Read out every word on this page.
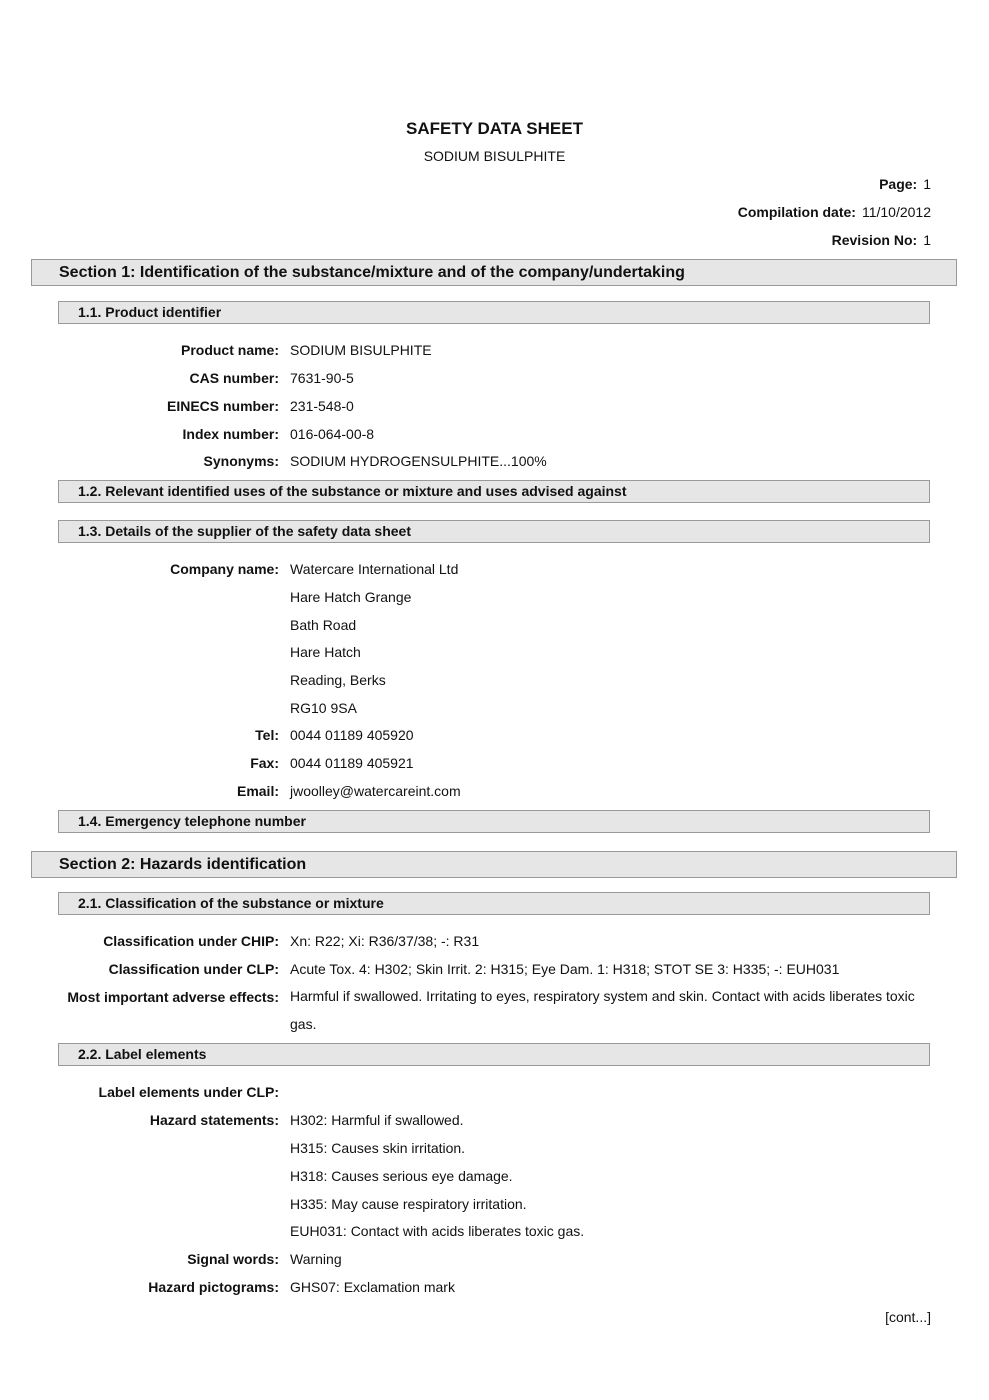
SAFETY DATA SHEET
SODIUM BISULPHITE
Page: 1
Compilation date: 11/10/2012
Revision No: 1
Section 1: Identification of the substance/mixture and of the company/undertaking
1.1. Product identifier
Product name: SODIUM BISULPHITE
CAS number: 7631-90-5
EINECS number: 231-548-0
Index number: 016-064-00-8
Synonyms: SODIUM HYDROGENSULPHITE...100%
1.2. Relevant identified uses of the substance or mixture and uses advised against
1.3. Details of the supplier of the safety data sheet
Company name: Watercare International Ltd
Hare Hatch Grange
Bath Road
Hare Hatch
Reading, Berks
RG10 9SA
Tel: 0044 01189 405920
Fax: 0044 01189 405921
Email: jwoolley@watercareint.com
1.4. Emergency telephone number
Section 2: Hazards identification
2.1. Classification of the substance or mixture
Classification under CHIP: Xn: R22; Xi: R36/37/38; -: R31
Classification under CLP: Acute Tox. 4: H302; Skin Irrit. 2: H315; Eye Dam. 1: H318; STOT SE 3: H335; -: EUH031
Most important adverse effects: Harmful if swallowed. Irritating to eyes, respiratory system and skin. Contact with acids liberates toxic gas.
2.2. Label elements
Label elements under CLP:
Hazard statements: H302: Harmful if swallowed.
H315: Causes skin irritation.
H318: Causes serious eye damage.
H335: May cause respiratory irritation.
EUH031: Contact with acids liberates toxic gas.
Signal words: Warning
Hazard pictograms: GHS07: Exclamation mark
[cont...]
